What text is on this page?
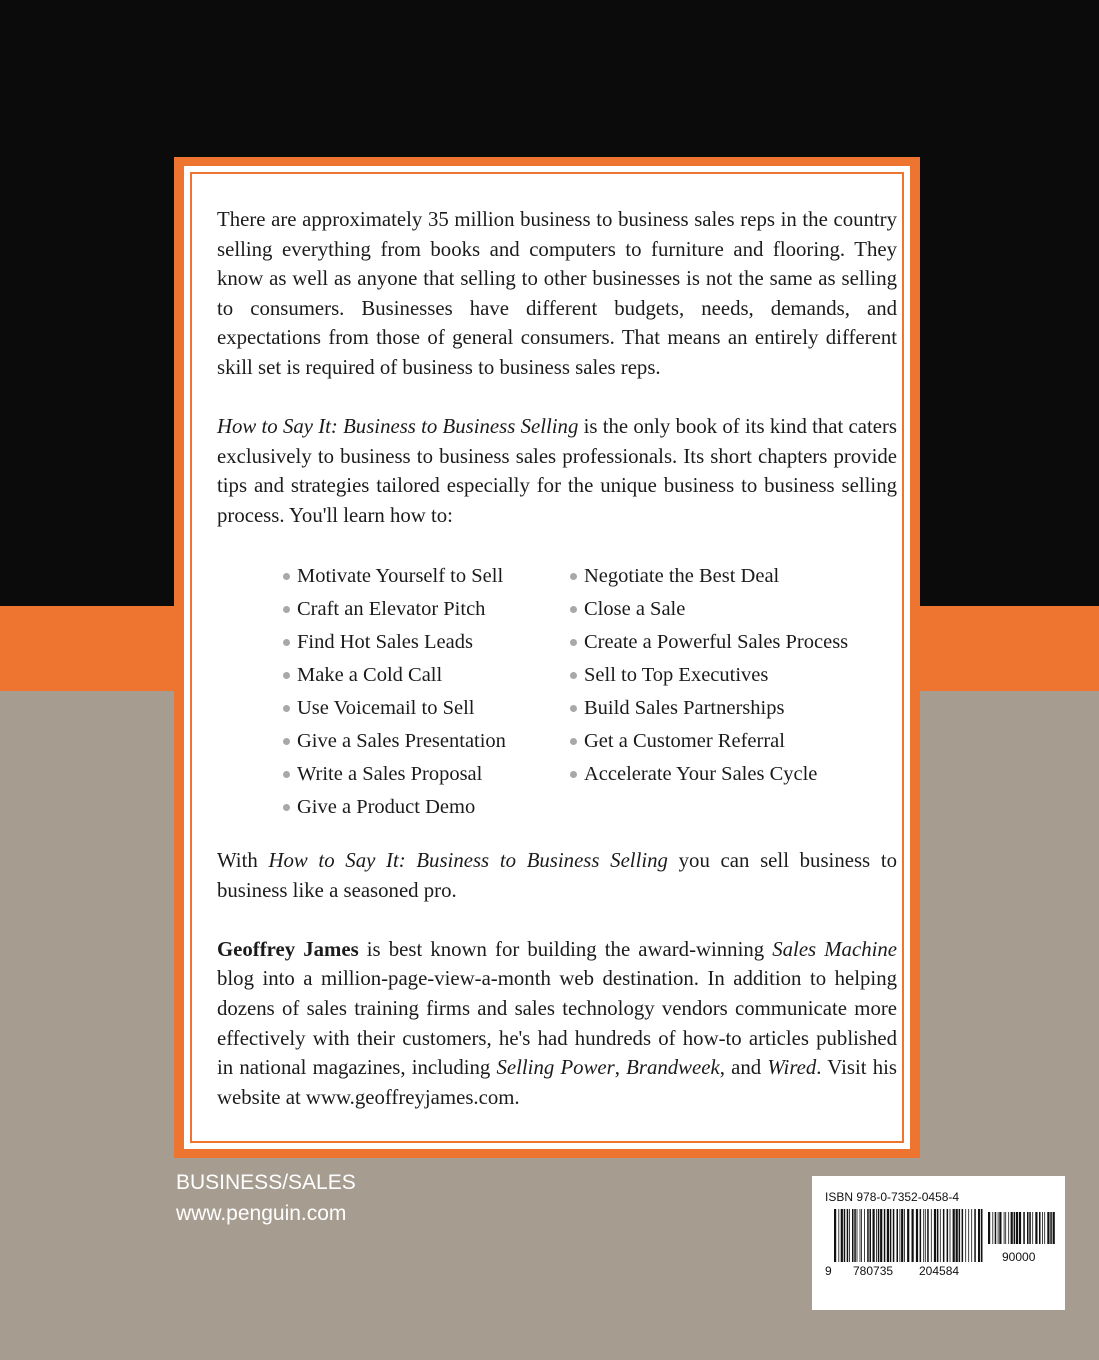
There are approximately 35 million business to business sales reps in the country selling everything from books and computers to furniture and flooring. They know as well as anyone that selling to other businesses is not the same as selling to consumers. Businesses have different budgets, needs, demands, and expectations from those of general consumers. That means an entirely different skill set is required of business to business sales reps.

How to Say It: Business to Business Selling is the only book of its kind that caters exclusively to business to business sales professionals. Its short chapters provide tips and strategies tailored especially for the unique business to business selling process. You'll learn how to:

Motivate Yourself to Sell
Craft an Elevator Pitch
Find Hot Sales Leads
Make a Cold Call
Use Voicemail to Sell
Give a Sales Presentation
Write a Sales Proposal
Give a Product Demo
Negotiate the Best Deal
Close a Sale
Create a Powerful Sales Process
Sell to Top Executives
Build Sales Partnerships
Get a Customer Referral
Accelerate Your Sales Cycle

With How to Say It: Business to Business Selling you can sell business to business like a seasoned pro.

Geoffrey James is best known for building the award-winning Sales Machine blog into a million-page-view-a-month web destination. In addition to helping dozens of sales training firms and sales technology vendors communicate more effectively with their customers, he's had hundreds of how-to articles published in national magazines, including Selling Power, Brandweek, and Wired. Visit his website at www.geoffreyjames.com.

BUSINESS/SALES
www.penguin.com
ISBN 978-0-7352-0458-4
9 780735 204584
90000
